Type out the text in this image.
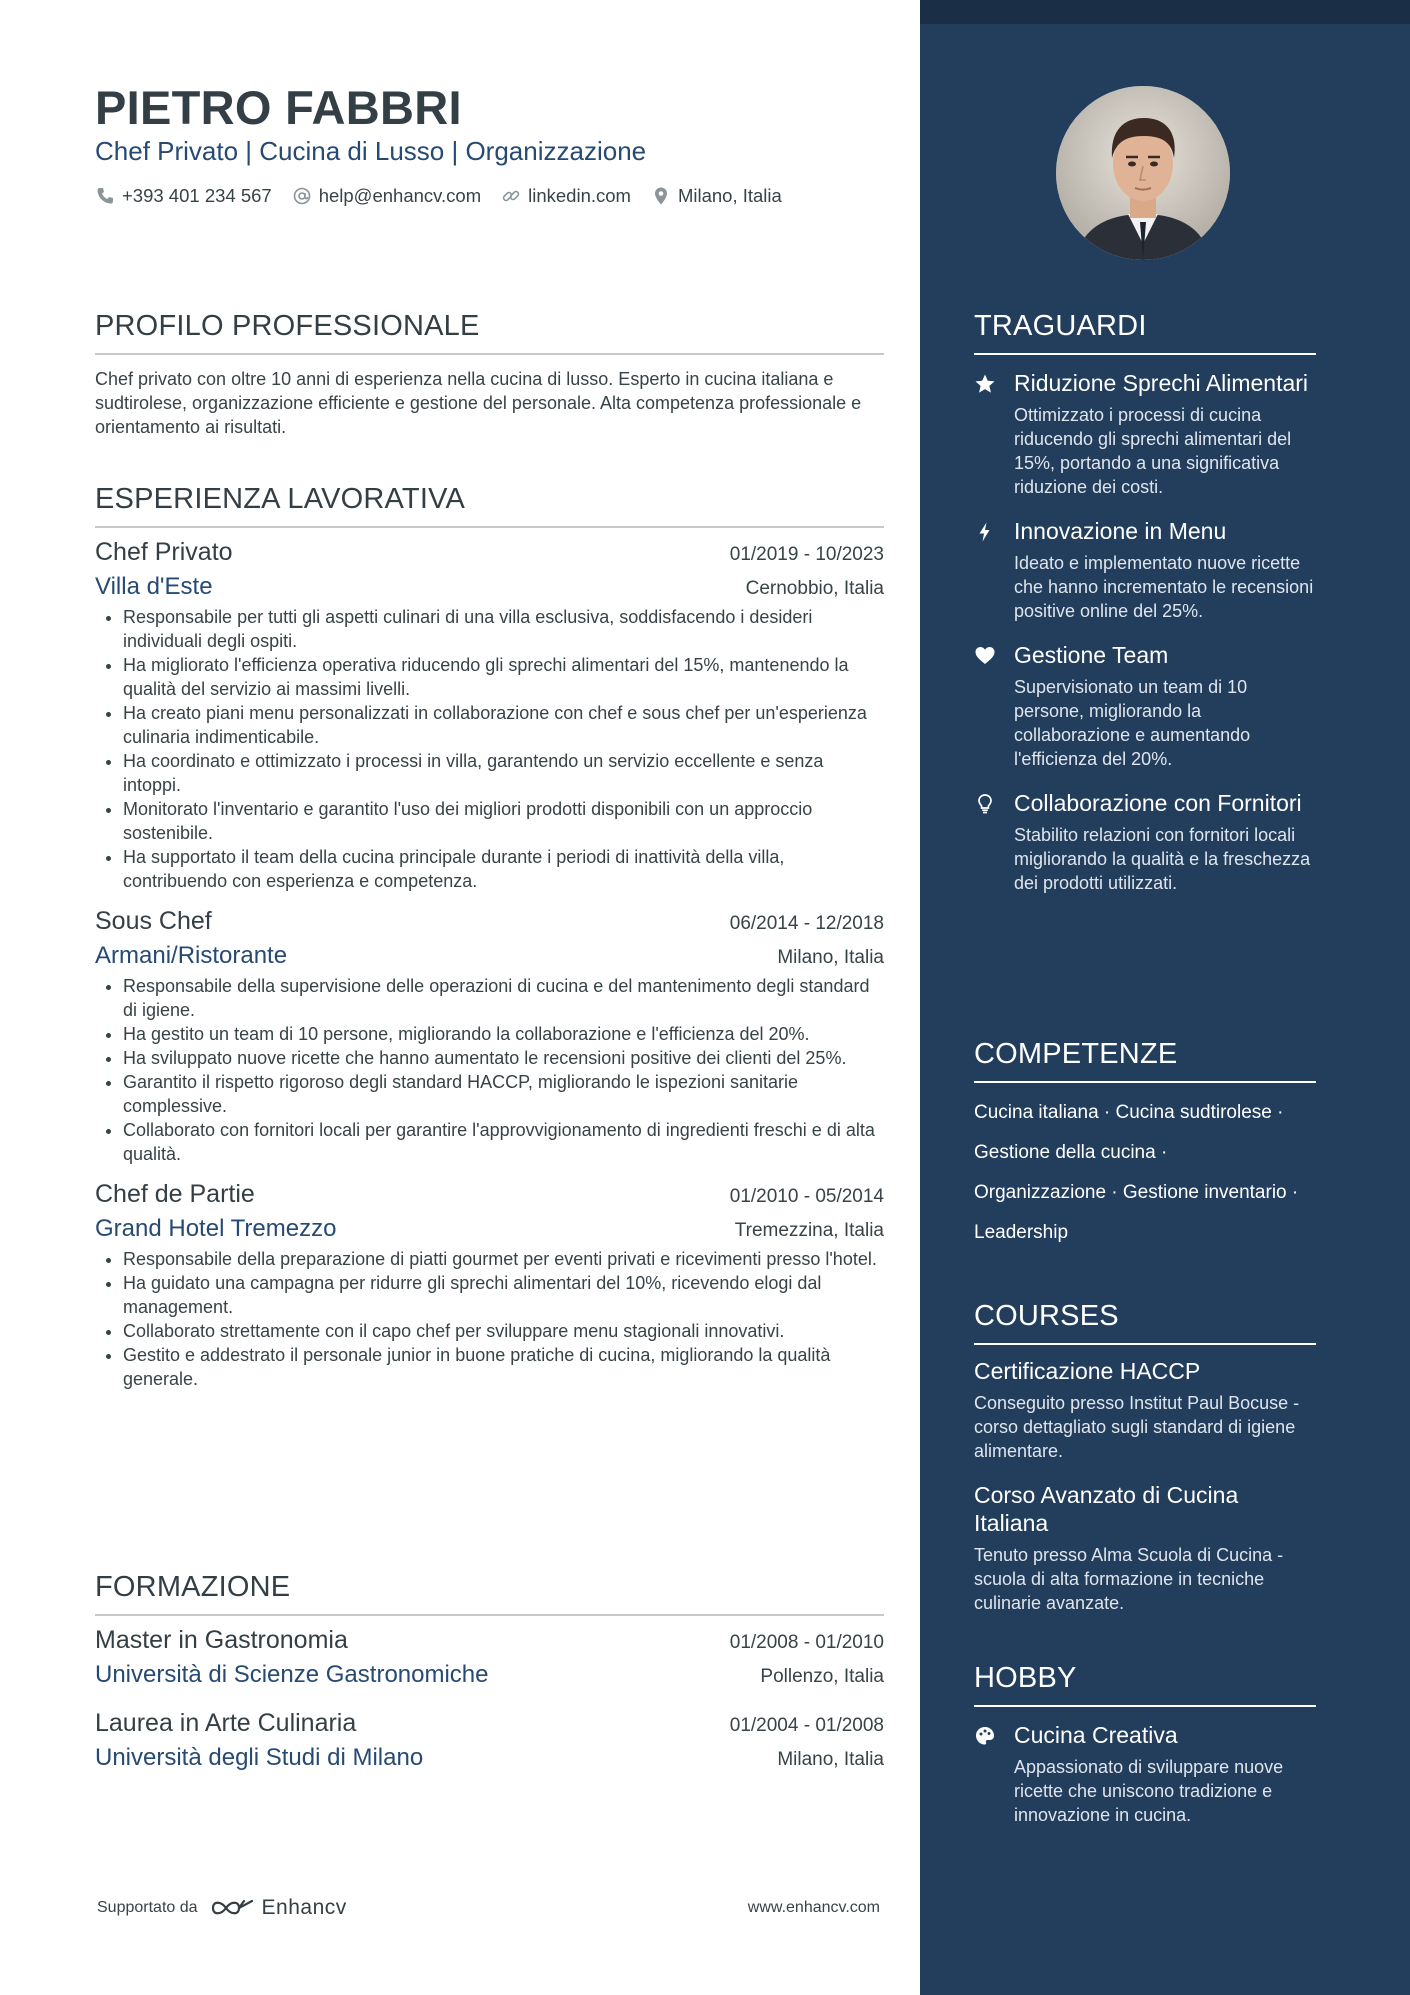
PIETRO FABBRI
Chef Privato | Cucina di Lusso | Organizzazione
+393 401 234 567	help@enhancv.com	linkedin.com	Milano, Italia
PROFILO PROFESSIONALE
Chef privato con oltre 10 anni di esperienza nella cucina di lusso. Esperto in cucina italiana e sudtirolese, organizzazione efficiente e gestione del personale. Alta competenza professionale e orientamento ai risultati.
ESPERIENZA LAVORATIVA
Chef Privato	01/2019 - 10/2023
Villa d'Este	Cernobbio, Italia
• Responsabile per tutti gli aspetti culinari di una villa esclusiva, soddisfacendo i desideri individuali degli ospiti.
• Ha migliorato l'efficienza operativa riducendo gli sprechi alimentari del 15%, mantenendo la qualità del servizio ai massimi livelli.
• Ha creato piani menu personalizzati in collaborazione con chef e sous chef per un'esperienza culinaria indimenticabile.
• Ha coordinato e ottimizzato i processi in villa, garantendo un servizio eccellente e senza intoppi.
• Monitorato l'inventario e garantito l'uso dei migliori prodotti disponibili con un approccio sostenibile.
• Ha supportato il team della cucina principale durante i periodi di inattività della villa, contribuendo con esperienza e competenza.
Sous Chef	06/2014 - 12/2018
Armani/Ristorante	Milano, Italia
• Responsabile della supervisione delle operazioni di cucina e del mantenimento degli standard di igiene.
• Ha gestito un team di 10 persone, migliorando la collaborazione e l'efficienza del 20%.
• Ha sviluppato nuove ricette che hanno aumentato le recensioni positive dei clienti del 25%.
• Garantito il rispetto rigoroso degli standard HACCP, migliorando le ispezioni sanitarie complessive.
• Collaborato con fornitori locali per garantire l'approvvigionamento di ingredienti freschi e di alta qualità.
Chef de Partie	01/2010 - 05/2014
Grand Hotel Tremezzo	Tremezzina, Italia
• Responsabile della preparazione di piatti gourmet per eventi privati e ricevimenti presso l'hotel.
• Ha guidato una campagna per ridurre gli sprechi alimentari del 10%, ricevendo elogi dal management.
• Collaborato strettamente con il capo chef per sviluppare menu stagionali innovativi.
• Gestito e addestrato il personale junior in buone pratiche di cucina, migliorando la qualità generale.
FORMAZIONE
Master in Gastronomia	01/2008 - 01/2010
Università di Scienze Gastronomiche	Pollenzo, Italia
Laurea in Arte Culinaria	01/2004 - 01/2008
Università degli Studi di Milano	Milano, Italia
Supportato da	Enhancv	www.enhancv.com
TRAGUARDI
Riduzione Sprechi Alimentari
Ottimizzato i processi di cucina riducendo gli sprechi alimentari del 15%, portando a una significativa riduzione dei costi.
Innovazione in Menu
Ideato e implementato nuove ricette che hanno incrementato le recensioni positive online del 25%.
Gestione Team
Supervisionato un team di 10 persone, migliorando la collaborazione e aumentando l'efficienza del 20%.
Collaborazione con Fornitori
Stabilito relazioni con fornitori locali migliorando la qualità e la freschezza dei prodotti utilizzati.
COMPETENZE
Cucina italiana · Cucina sudtirolese ·
Gestione della cucina ·
Organizzazione · Gestione inventario ·
Leadership
COURSES
Certificazione HACCP
Conseguito presso Institut Paul Bocuse - corso dettagliato sugli standard di igiene alimentare.
Corso Avanzato di Cucina Italiana
Tenuto presso Alma Scuola di Cucina - scuola di alta formazione in tecniche culinarie avanzate.
HOBBY
Cucina Creativa
Appassionato di sviluppare nuove ricette che uniscono tradizione e innovazione in cucina.
